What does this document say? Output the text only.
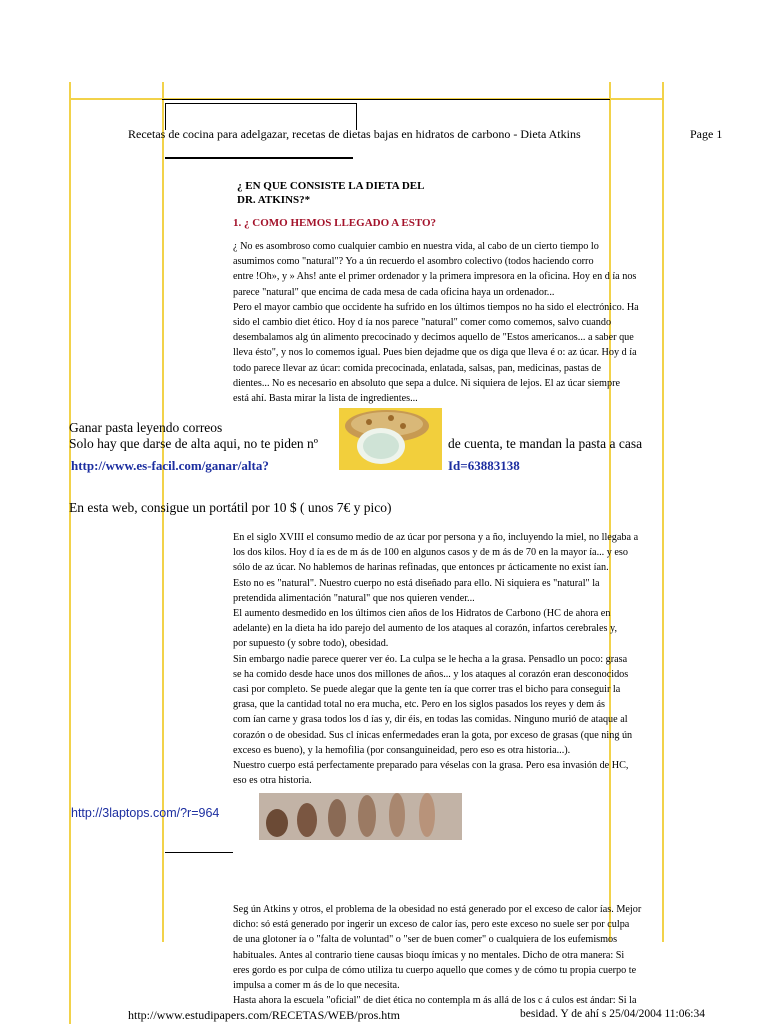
Recetas de cocina para adelgazar, recetas de dietas bajas en hidratos de carbono - Dieta Atkins	Page 1
¿ EN QUE CONSISTE LA DIETA DEL
DR. ATKINS?*
1. ¿ COMO HEMOS LLEGADO A ESTO?
¿ No es asombroso como cualquier cambio en nuestra vida, al cabo de un cierto tiempo lo
asumimos como "natural"? Yo a ún recuerdo el asombro colectivo (todos haciendo corro
entre !Oh», y » Ahs! ante el primer ordenador y la primera impresora en la oficina. Hoy en d ía nos
parece "natural" que encima de cada mesa de cada oficina haya un ordenador...
Pero el mayor cambio que occidente ha sufrido en los últimos tiempos no ha sido el electrónico. Ha
sido el cambio diet ético. Hoy d ía nos parece "natural" comer como comemos, salvo cuando
desembalamos alg ún alimento precocinado y decimos aquello de "Estos americanos... a saber que
lleva ésto", y nos lo comemos igual. Pues bien dejadme que os diga que lleva é o: az úcar. Hoy d ía
todo parece llevar az úcar: comida precocinada, enlatada, salsas, pan, medicinas, pastas de
dientes... No es necesario en absoluto que sepa a dulce. Ni siquiera de lejos. El az úcar siempre
está ahí. Basta mirar la lista de ingredientes...
Ganar pasta leyendo correos
Solo hay que darse de alta aqui, no te piden nº	de cuenta, te mandan la pasta a casa
http://www.es-facil.com/ganar/alta?	Id=63883138
En esta web, consigue un portátil por 10 $ ( unos 7€ y pico)
En el siglo XVIII el consumo medio de az úcar por persona y a ño, incluyendo la miel, no llegaba a
los dos kilos. Hoy d ía es de m ás de 100 en algunos casos y de m ás de 70 en la mayor ía... y eso
sólo de az úcar. No hablemos de harinas refinadas, que entonces pr ácticamente no exist ían.
Esto no es "natural". Nuestro cuerpo no está diseñado para ello. Ni siquiera es "natural" la
pretendida alimentación "natural" que nos quieren vender...
El aumento desmedido en los últimos cien años de los Hidratos de Carbono (HC de ahora en
adelante) en la dieta ha ido parejo del aumento de los ataques al corazón, infartos cerebrales y,
por supuesto (y sobre todo), obesidad.
Sin embargo nadie parece querer ver éo. La culpa se le hecha a la grasa. Pensadlo un poco: grasa
se ha comido desde hace unos dos millones de años... y los ataques al corazón eran desconocidos
casi por completo. Se puede alegar que la gente ten ía que correr tras el bicho para conseguir la
grasa, que la cantidad total no era mucha, etc. Pero en los siglos pasados los reyes y dem ás
com ían carne y grasa todos los d ías y, dir éis, en todas las comidas. Ninguno murió de ataque al
corazón o de obesidad. Sus cl ínicas enfermedades eran la gota, por exceso de grasas (que ning ún
exceso es bueno), y la hemofilia (por consanguineidad, pero eso es otra historia...).
Nuestro cuerpo está perfectamente preparado para véselas con la grasa. Pero esa invasión de HC,
eso es otra historia.
http://3laptops.com/?r=964
Seg ún Atkins y otros, el problema de la obesidad no está generado por el exceso de calor ías. Mejor
dicho: só está generado por ingerir un exceso de calor ías, pero este exceso no suele ser por culpa
de una glotoner ía o "falta de voluntad" o "ser de buen comer" o cualquiera de los eufemismos
habituales. Antes al contrario tiene causas bioqu ímicas y no mentales. Dicho de otra manera: Si
eres gordo es por culpa de cómo utiliza tu cuerpo aquello que comes y de cómo tu propia cuerpo te
impulsa a comer m ás de lo que necesita.
Hasta ahora la escuela "oficial" de diet ética no contempla m ás allá de los c á culos est ándar: Si la
http://www.estudipapers.com/RECETAS/WEB/pros.htm	besidad. Y de ahí s 25/04/2004 11:06:34
